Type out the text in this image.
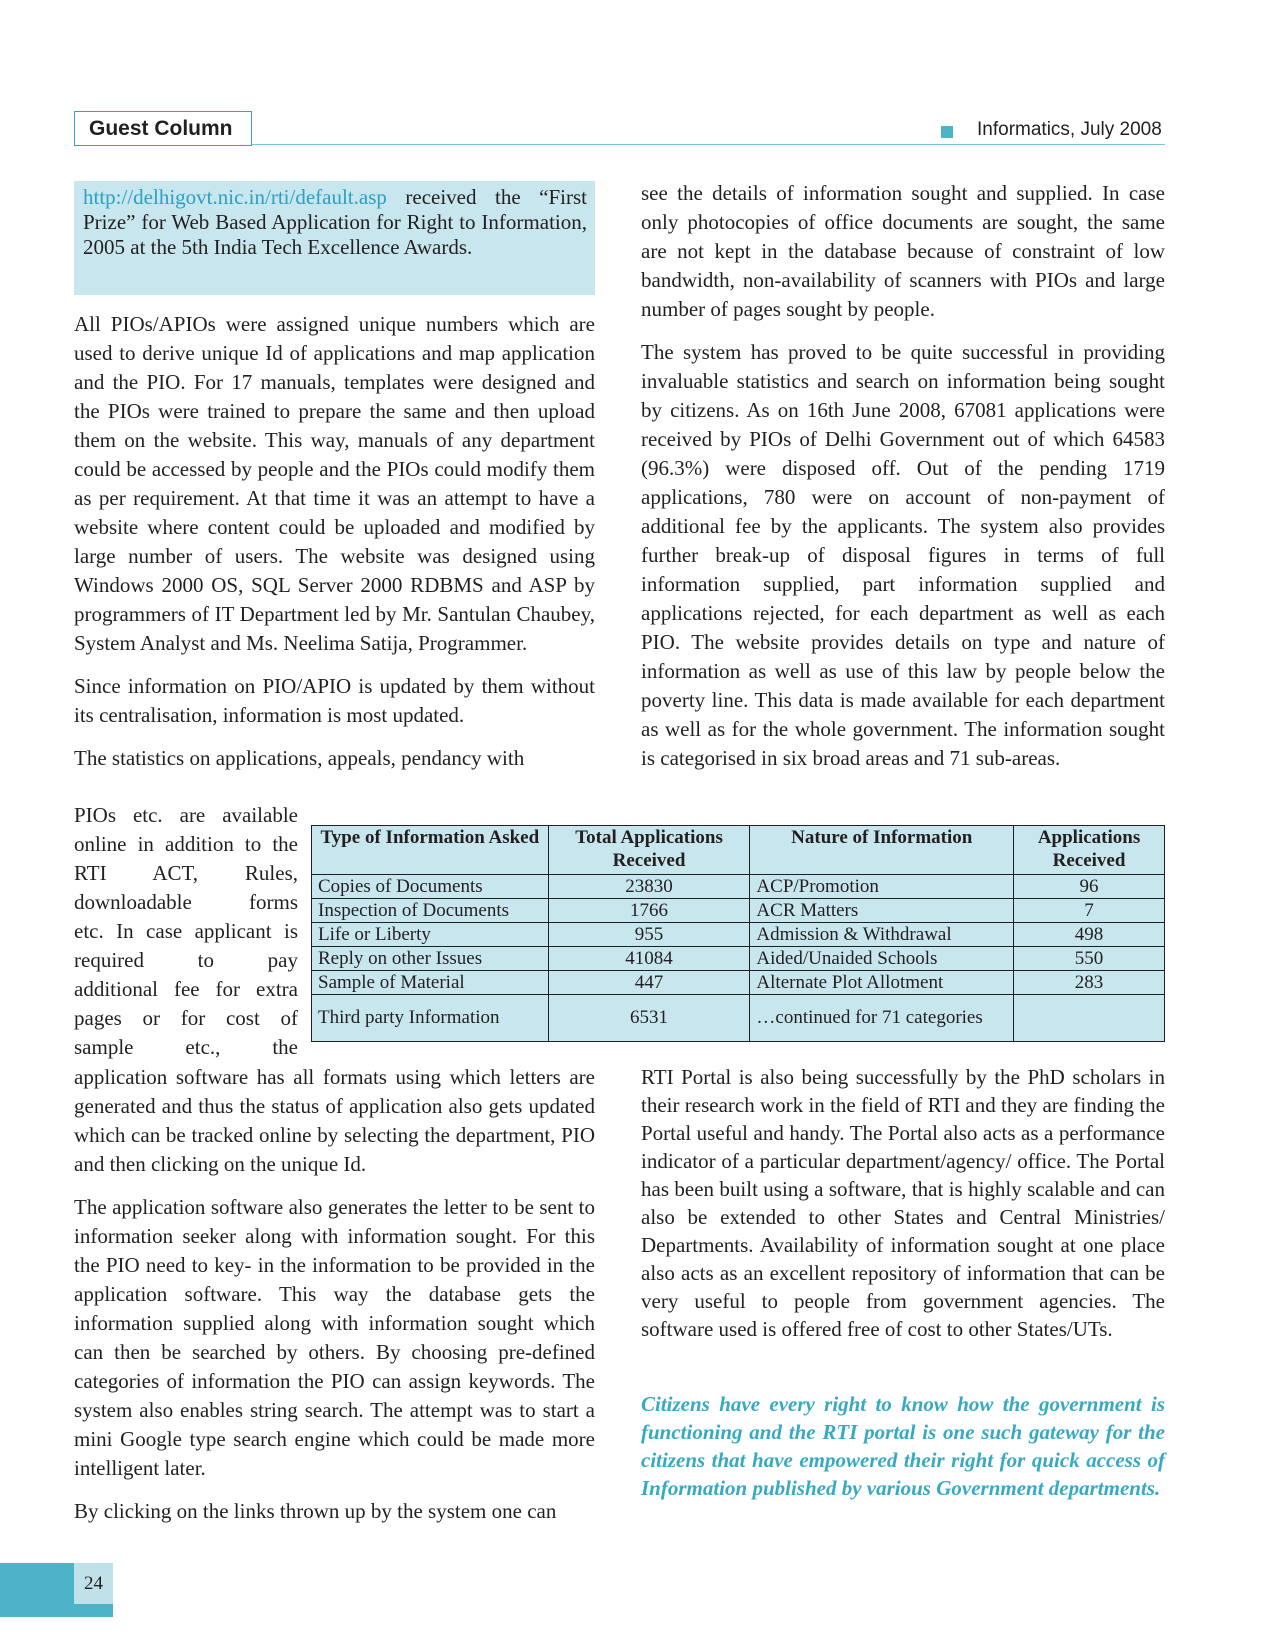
Guest Column	Informatics, July 2008
http://delhigovt.nic.in/rti/default.asp received the “First Prize” for Web Based Application for Right to Information, 2005 at the 5th India Tech Excellence Awards.

All PIOs/APIOs were assigned unique numbers which are used to derive unique Id of applications and map application and the PIO. For 17 manuals, templates were designed and the PIOs were trained to prepare the same and then upload them on the website. This way, manuals of any department could be accessed by people and the PIOs could modify them as per requirement. At that time it was an attempt to have a website where content could be uploaded and modified by large number of users. The website was designed using Windows 2000 OS, SQL Server 2000 RDBMS and ASP by programmers of IT Department led by Mr. Santulan Chaubey, System Analyst and Ms. Neelima Satija, Programmer.

Since information on PIO/APIO is updated by them without its centralisation, information is most updated.

The statistics on applications, appeals, pendancy with

PIOs etc. are available
online in addition to the
RTI ACT, Rules,
downloadable forms
etc. In case applicant is
required to pay
additional fee for extra
pages or for cost of
sample etc., the

application software has all formats using which letters are generated and thus the status of application also gets updated which can be tracked online by selecting the department, PIO and then clicking on the unique Id.

The application software also generates the letter to be sent to information seeker along with information sought. For this the PIO need to key- in the information to be provided in the application software. This way the database gets the information supplied along with information sought which can then be searched by others. By choosing pre-defined categories of information the PIO can assign keywords. The system also enables string search. The attempt was to start a mini Google type search engine which could be made more intelligent later.

By clicking on the links thrown up by the system one can

see the details of information sought and supplied. In case only photocopies of office documents are sought, the same are not kept in the database because of constraint of low bandwidth, non-availability of scanners with PIOs and large number of pages sought by people.

The system has proved to be quite successful in providing invaluable statistics and search on information being sought by citizens. As on 16th June 2008, 67081 applications were received by PIOs of Delhi Government out of which 64583 (96.3%) were disposed off. Out of the pending 1719 applications, 780 were on account of non-payment of additional fee by the applicants. The system also provides further break-up of disposal figures in terms of full information supplied, part information supplied and applications rejected, for each department as well as each PIO. The website provides details on type and nature of information as well as use of this law by people below the poverty line. This data is made available for each department as well as for the whole government. The information sought is categorised in six broad areas and 71 sub-areas.

Type of Information Asked	Total Applications Received	Nature of Information	Applications Received
Copies of Documents	23830	ACP/Promotion	96
Inspection of Documents	1766	ACR Matters	7
Life or Liberty	955	Admission & Withdrawal	498
Reply on other Issues	41084	Aided/Unaided Schools	550
Sample of Material	447	Alternate Plot Allotment	283
Third party Information	6531	…continued for 71 categories	

RTI Portal is also being successfully by the PhD scholars in their research work in the field of RTI and they are finding the Portal useful and handy. The Portal also acts as a performance indicator of a particular department/agency/ office. The Portal has been built using a software, that is highly scalable and can also be extended to other States and Central Ministries/ Departments. Availability of information sought at one place also acts as an excellent repository of information that can be very useful to people from government agencies. The software used is offered free of cost to other States/UTs.

Citizens have every right to know how the government is functioning and the RTI portal is one such gateway for the citizens that have empowered their right for quick access of Information published by various Government departments.
24
